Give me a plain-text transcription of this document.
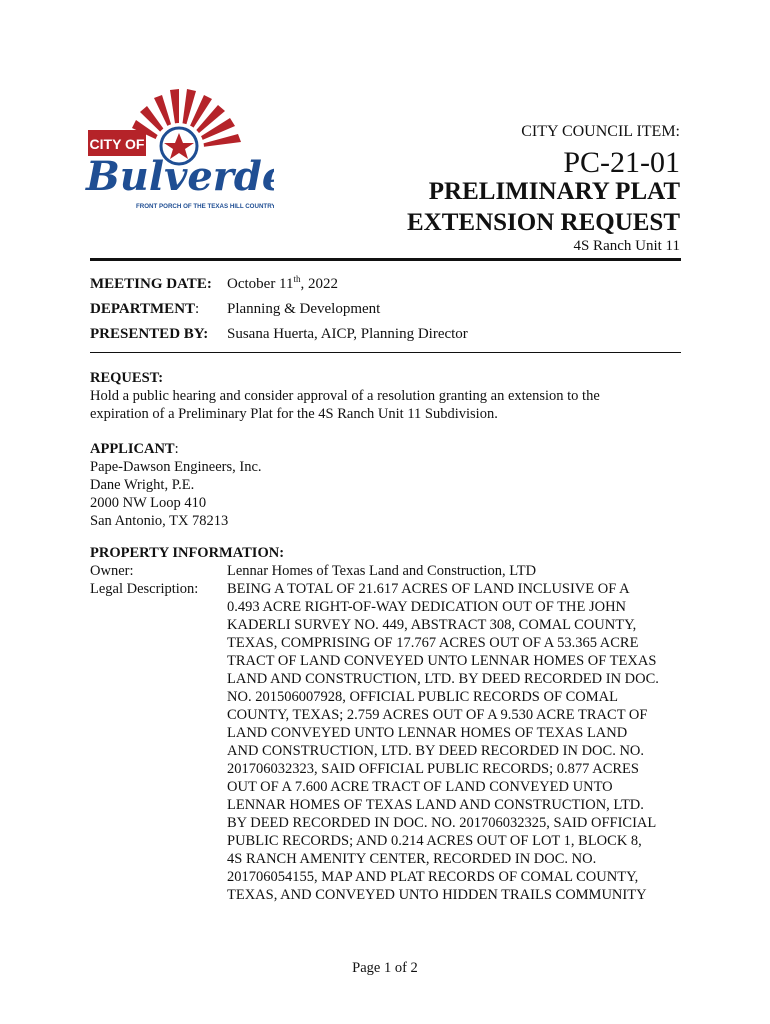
CITY OF
Bulverde
FRONT PORCH OF THE TEXAS HILL COUNTRY™
CITY COUNCIL ITEM:
PC-21-01
PRELIMINARY PLAT
EXTENSION REQUEST
4S Ranch Unit 11
MEETING DATE: October 11th, 2022
DEPARTMENT: Planning & Development
PRESENTED BY: Susana Huerta, AICP, Planning Director
REQUEST:
Hold a public hearing and consider approval of a resolution granting an extension to the
expiration of a Preliminary Plat for the 4S Ranch Unit 11 Subdivision.
APPLICANT:
Pape-Dawson Engineers, Inc.
Dane Wright, P.E.
2000 NW Loop 410
San Antonio, TX 78213
PROPERTY INFORMATION:
Owner:	Lennar Homes of Texas Land and Construction, LTD
Legal Description:	BEING A TOTAL OF 21.617 ACRES OF LAND INCLUSIVE OF A
0.493 ACRE RIGHT-OF-WAY DEDICATION OUT OF THE JOHN
KADERLI SURVEY NO. 449, ABSTRACT 308, COMAL COUNTY,
TEXAS, COMPRISING OF 17.767 ACRES OUT OF A 53.365 ACRE
TRACT OF LAND CONVEYED UNTO LENNAR HOMES OF TEXAS
LAND AND CONSTRUCTION, LTD. BY DEED RECORDED IN DOC.
NO. 201506007928, OFFICIAL PUBLIC RECORDS OF COMAL
COUNTY, TEXAS; 2.759 ACRES OUT OF A 9.530 ACRE TRACT OF
LAND CONVEYED UNTO LENNAR HOMES OF TEXAS LAND
AND CONSTRUCTION, LTD. BY DEED RECORDED IN DOC. NO.
201706032323, SAID OFFICIAL PUBLIC RECORDS; 0.877 ACRES
OUT OF A 7.600 ACRE TRACT OF LAND CONVEYED UNTO
LENNAR HOMES OF TEXAS LAND AND CONSTRUCTION, LTD.
BY DEED RECORDED IN DOC. NO. 201706032325, SAID OFFICIAL
PUBLIC RECORDS; AND 0.214 ACRES OUT OF LOT 1, BLOCK 8,
4S RANCH AMENITY CENTER, RECORDED IN DOC. NO.
201706054155, MAP AND PLAT RECORDS OF COMAL COUNTY,
TEXAS, AND CONVEYED UNTO HIDDEN TRAILS COMMUNITY
Page 1 of 2
